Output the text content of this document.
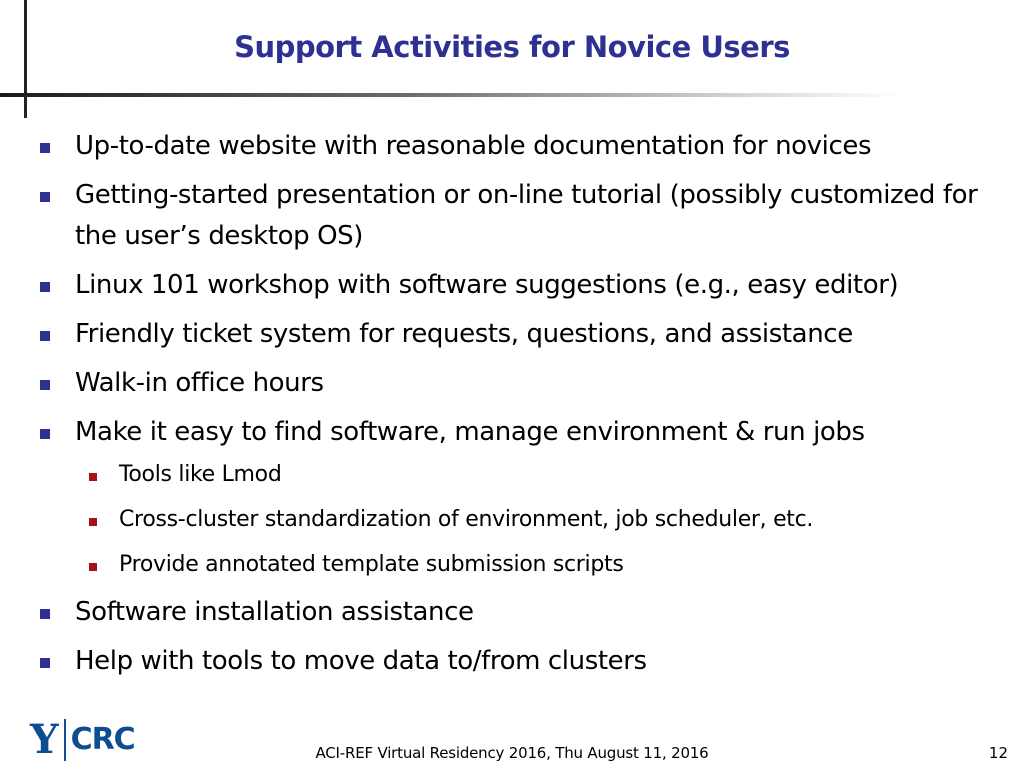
Support Activities for Novice Users
Up-to-date website with reasonable documentation for novices
Getting-started presentation or on-line tutorial (possibly customized for the user’s desktop OS)
Linux 101 workshop with software suggestions (e.g., easy editor)
Friendly ticket system for requests, questions, and assistance
Walk-in office hours
Make it easy to find software, manage environment & run jobs
Tools like Lmod
Cross-cluster standardization of environment, job scheduler, etc.
Provide annotated template submission scripts
Software installation assistance
Help with tools to move data to/from clusters
Y CRC	ACI-REF Virtual Residency 2016, Thu August 11, 2016	12
